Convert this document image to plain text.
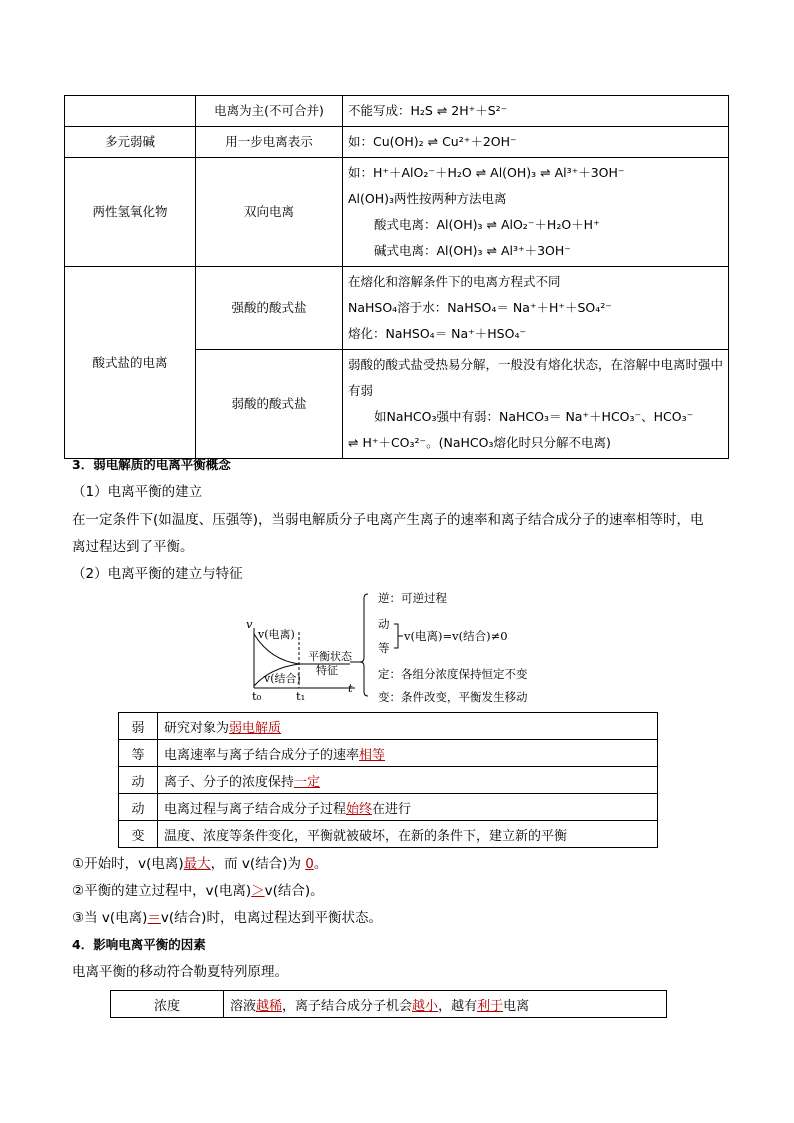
	电离为主(不可合并)	不能写成：H₂S ⇌ 2H⁺＋S²⁻

多元弱碱	用一步电离表示	如：Cu(OH)₂ ⇌ Cu²⁺＋2OH⁻

两性氢氧化物	双向电离	如：H⁺＋AlO₂⁻＋H₂O ⇌ Al(OH)₃ ⇌ Al³⁺＋3OH⁻
Al(OH)₃两性按两种方法电离
酸式电离：Al(OH)₃ ⇌ AlO₂⁻＋H₂O＋H⁺
碱式电离：Al(OH)₃ ⇌ Al³⁺＋3OH⁻

酸式盐的电离	强酸的酸式盐	在熔化和溶解条件下的电离方程式不同
NaHSO₄溶于水：NaHSO₄＝ Na⁺＋H⁺＋SO₄²⁻
熔化：NaHSO₄＝ Na⁺＋HSO₄⁻

	弱酸的酸式盐	弱酸的酸式盐受热易分解，一般没有熔化状态，在溶解中电离时强中有弱
如NaHCO₃强中有弱：NaHCO₃＝ Na⁺＋HCO₃⁻、HCO₃⁻
⇌ H⁺＋CO₃²⁻。(NaHCO₃熔化时只分解不电离)
3．弱电解质的电离平衡概念
（1）电离平衡的建立
在一定条件下(如温度、压强等)，当弱电解质分子电离产生离子的速率和离子结合成分子的速率相等时，电
离过程达到了平衡。
（2）电离平衡的建立与特征
v
t
t₀	t₁
v(电离)
v(结合)
平衡状态
特征
逆：可逆过程
动
等
v(电离)=v(结合)≠0
定：各组分浓度保持恒定不变
变：条件改变，平衡发生移动
弱	研究对象为弱电解质
等	电离速率与离子结合成分子的速率相等
动	离子、分子的浓度保持一定
动	电离过程与离子结合成分子过程始终在进行
变	温度、浓度等条件变化，平衡就被破坏，在新的条件下，建立新的平衡
①开始时，v(电离)最大，而 v(结合)为 0。
②平衡的建立过程中，v(电离)＞v(结合)。
③当 v(电离)＝v(结合)时，电离过程达到平衡状态。
4．影响电离平衡的因素
电离平衡的移动符合勒夏特列原理。
浓度	溶液越稀，离子结合成分子机会越小，越有利于电离
